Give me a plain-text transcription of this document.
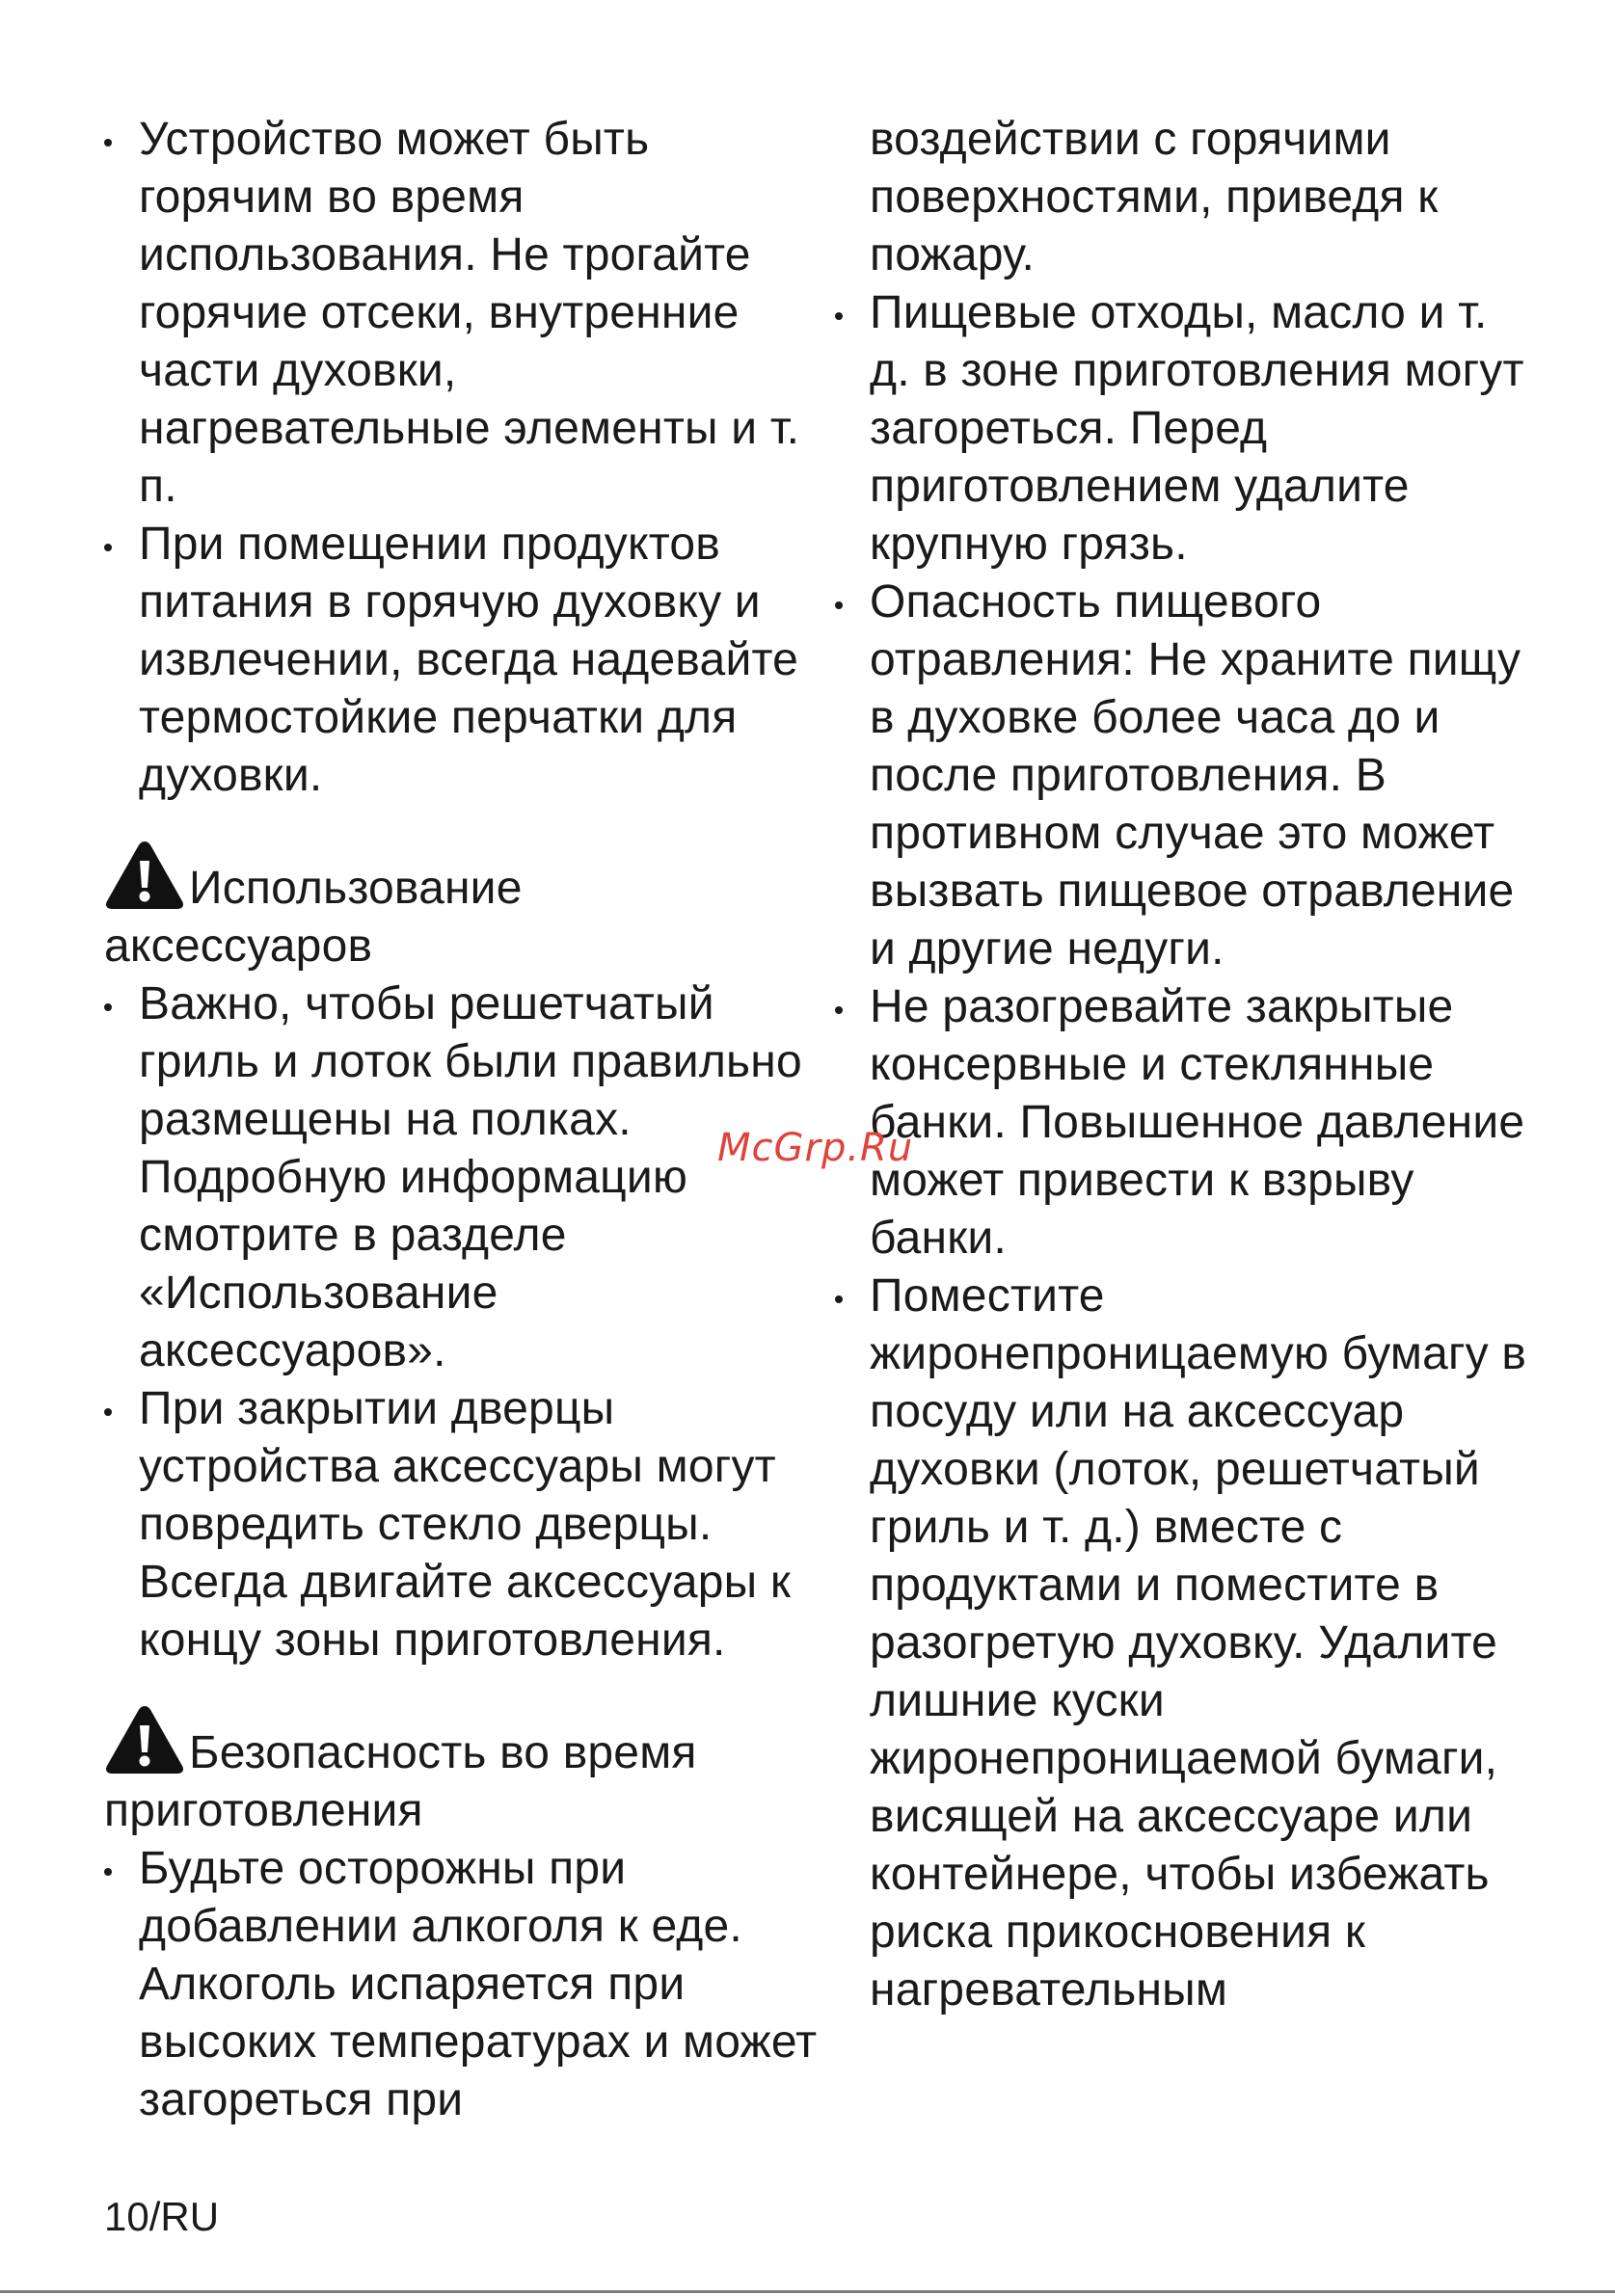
Устройство может быть горячим во время использования. Не трогайте горячие отсеки, внутренние части духовки, нагревательные элементы и т. п.

При помещении продуктов питания в горячую духовку и извлечении, всегда надевайте термостойкие перчатки для духовки.

Использование
аксессуаров

Важно, чтобы решетчатый гриль и лоток были правильно размещены на полках. Подробную информацию смотрите в разделе «Использование аксессуаров».

При закрытии дверцы устройства аксессуары могут повредить стекло дверцы. Всегда двигайте аксессуары к концу зоны приготовления.

Безопасность во время
приготовления

Будьте осторожны при добавлении алкоголя к еде. Алкоголь испаряется при высоких температурах и может загореться при

воздействии с горячими поверхностями, приведя к пожару.

Пищевые отходы, масло и т. д. в зоне приготовления могут загореться. Перед приготовлением удалите крупную грязь.

Опасность пищевого отравления: Не храните пищу в духовке более часа до и после приготовления. В противном случае это может вызвать пищевое отравление и другие недуги.

Не разогревайте закрытые консервные и стеклянные банки. Повышенное давление может привести к взрыву банки.

Поместите жиронепроницаемую бумагу в посуду или на аксессуар духовки (лоток, решетчатый гриль и т. д.) вместе с продуктами и поместите в разогретую духовку. Удалите лишние куски жиронепроницаемой бумаги, висящей на аксессуаре или контейнере, чтобы избежать риска прикосновения к нагревательным

McGrp.Ru
10/RU
